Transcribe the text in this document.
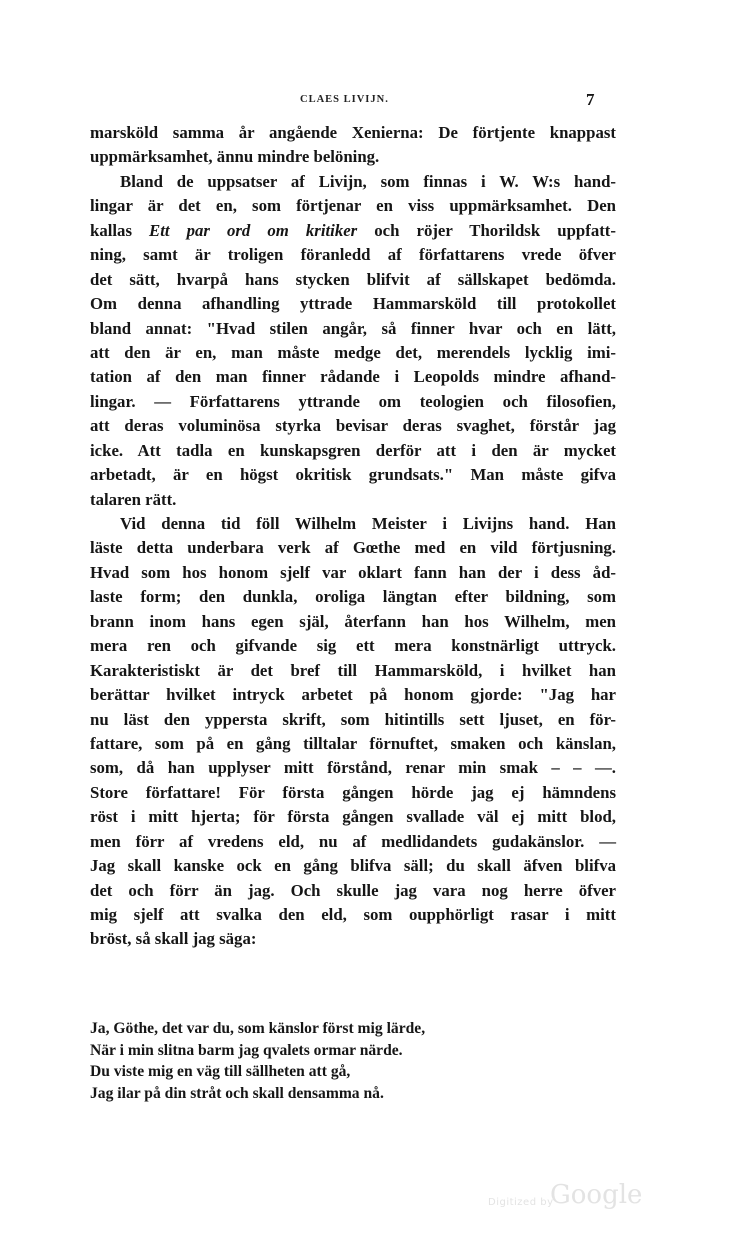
CLAES LIVIJN.	7
marsköld samma år angående Xenierna: De förtjente knappast
uppmärksamhet, ännu mindre belöning.
Bland de uppsatser af Livijn, som finnas i W. W:s hand-
lingar är det en, som förtjenar en viss uppmärksamhet. Den
kallas Ett par ord om kritiker och röjer Thorildsk uppfatt-
ning, samt är troligen föranledd af författarens vrede öfver
det sätt, hvarpå hans stycken blifvit af sällskapet bedömda.
Om denna afhandling yttrade Hammarsköld till protokollet
bland annat: "Hvad stilen angår, så finner hvar och en lätt,
att den är en, man måste medge det, merendels lycklig imi-
tation af den man finner rådande i Leopolds mindre afhand-
lingar. — Författarens yttrande om teologien och filosofien,
att deras voluminösa styrka bevisar deras svaghet, förstår jag
icke. Att tadla en kunskapsgren derför att i den är mycket
arbetadt, är en högst okritisk grundsats." Man måste gifva
talaren rätt.
Vid denna tid föll Wilhelm Meister i Livijns hand. Han
läste detta underbara verk af Gœthe med en vild förtjusning.
Hvad som hos honom sjelf var oklart fann han der i dess åd-
laste form; den dunkla, oroliga längtan efter bildning, som
brann inom hans egen själ, återfann han hos Wilhelm, men
mera ren och gifvande sig ett mera konstnärligt uttryck.
Karakteristiskt är det bref till Hammarsköld, i hvilket han
berättar hvilket intryck arbetet på honom gjorde: "Jag har
nu läst den yppersta skrift, som hitintills sett ljuset, en för-
fattare, som på en gång tilltalar förnuftet, smaken och känslan,
som, då han upplyser mitt förstånd, renar min smak – – —.
Store författare! För första gången hörde jag ej hämndens
röst i mitt hjerta; för första gången svallade väl ej mitt blod,
men förr af vredens eld, nu af medlidandets gudakänslor. —
Jag skall kanske ock en gång blifva säll; du skall äfven blifva
det och förr än jag. Och skulle jag vara nog herre öfver
mig sjelf att svalka den eld, som oupphörligt rasar i mitt
bröst, så skall jag säga:
Ja, Göthe, det var du, som känslor först mig lärde,
När i min slitna barm jag qvalets ormar närde.
Du viste mig en väg till sällheten att gå,
Jag ilar på din stråt och skall densamma nå.
Digitized by
Google
